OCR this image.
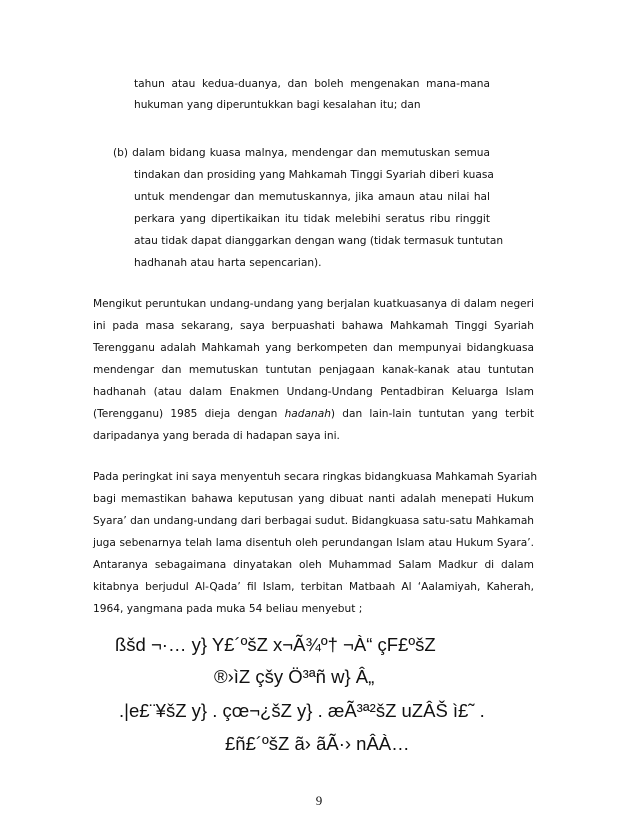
tahun atau kedua-duanya, dan boleh mengenakan mana-mana
hukuman yang diperuntukkan bagi kesalahan itu; dan
(b) dalam bidang kuasa malnya, mendengar dan memutuskan semua
tindakan dan prosiding yang Mahkamah Tinggi Syariah diberi kuasa
untuk mendengar dan memutuskannya, jika amaun atau nilai hal
perkara yang dipertikaikan itu tidak melebihi seratus ribu ringgit
atau tidak dapat dianggarkan dengan wang (tidak termasuk tuntutan
hadhanah atau harta sepencarian).
Mengikut peruntukan undang-undang yang berjalan kuatkuasanya di dalam negeri
ini pada masa sekarang, saya berpuashati bahawa Mahkamah Tinggi Syariah
Terengganu adalah Mahkamah yang berkompeten dan mempunyai bidangkuasa
mendengar dan memutuskan tuntutan penjagaan kanak-kanak atau tuntutan
hadhanah (atau dalam Enakmen Undang-Undang Pentadbiran Keluarga Islam
(Terengganu) 1985 dieja dengan hadanah) dan lain-lain tuntutan yang terbit
daripadanya yang berada di hadapan saya ini.
Pada peringkat ini saya menyentuh secara ringkas bidangkuasa Mahkamah Syariah
bagi memastikan bahawa keputusan yang dibuat nanti adalah menepati Hukum
Syara’ dan undang-undang dari berbagai sudut. Bidangkuasa satu-satu Mahkamah
juga sebenarnya telah lama disentuh oleh perundangan Islam atau Hukum Syara’.
Antaranya sebagaimana dinyatakan oleh Muhammad Salam Madkur di dalam
kitabnya berjudul Al-Qada’ fil Islam, terbitan Matbaah Al ‘Aalamiyah, Kaherah,
1964, yangmana pada muka 54 beliau menyebut ;
ßšd ¬·… y} Y£´ºšZ x¬Ã¾º† ¬À“ çF£ºšZ
®›ìZ çšy Ö³ªñ w} Â„
.|e£¨¥šZ y} . çœ¬¿šZ y} . æÃ³ª²šZ uZÂŠ ì£˜ .
£ñ£´ºšZ ã› ãÃ·› nÂÀ…
9
